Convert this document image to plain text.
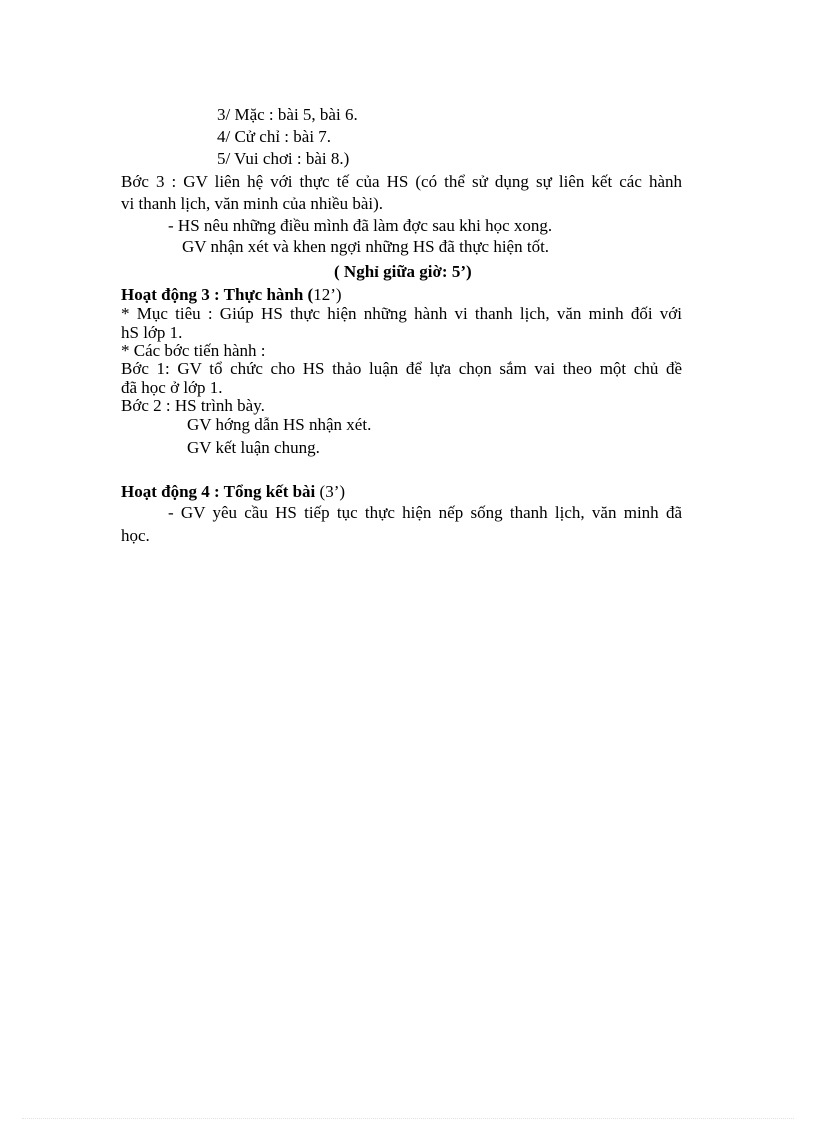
3/ Mặc : bài 5, bài 6.
4/ Cử chỉ : bài 7.
5/ Vui chơi : bài 8.)
Bớc 3 : GV liên hệ với thực tế của HS (có thể sử dụng sự liên kết các hành
vi thanh lịch, văn minh của nhiều bài).
- HS nêu những điều mình đã làm đợc sau khi học xong.
GV nhận xét và khen ngợi những HS đã thực hiện tốt.
( Nghỉ giữa giờ: 5’)
Hoạt động 3 : Thực hành (12’)
* Mục tiêu : Giúp HS thực hiện những hành vi thanh lịch, văn minh đối với
hS lớp 1.
* Các bớc tiến hành :
Bớc 1: GV tổ chức cho HS thảo luận để lựa chọn sắm vai theo một chủ đề
đã học ở lớp 1.
Bớc 2 : HS trình bày.
GV hớng dẫn HS nhận xét.
GV kết luận chung.
Hoạt động 4 : Tổng kết bài (3’)
- GV yêu cầu HS tiếp tục thực hiện nếp sống thanh lịch, văn minh đã
học.
